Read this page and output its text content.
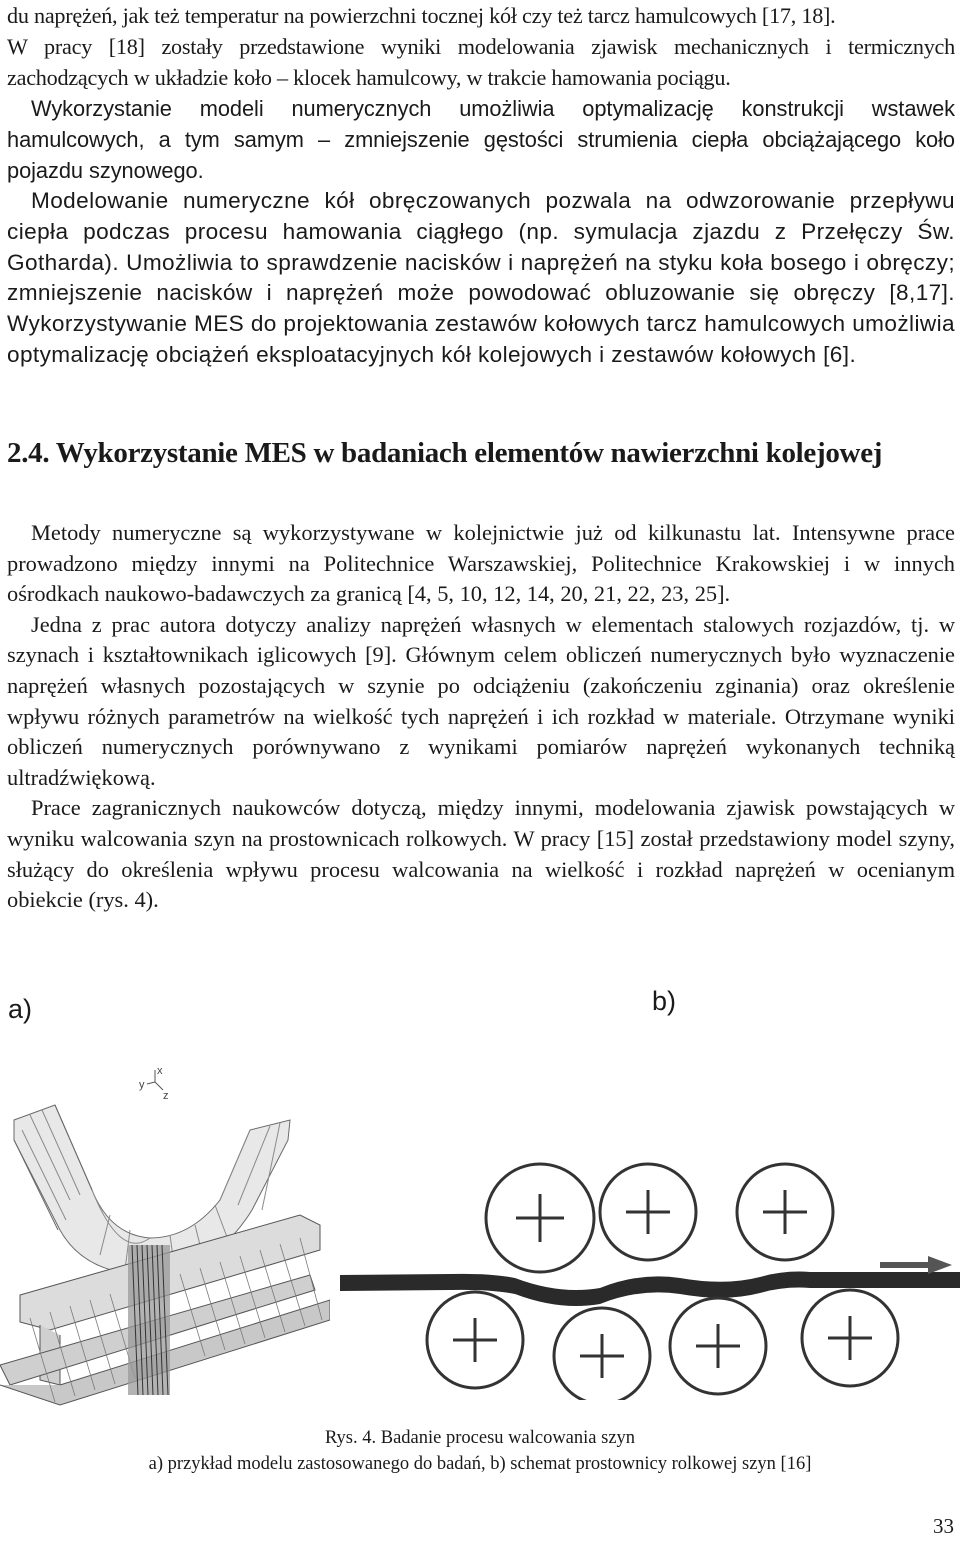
du naprężeń, jak też temperatur na powierzchni tocznej kół czy też tarcz hamulcowych [17, 18].

W pracy [18] zostały przedstawione wyniki modelowania zjawisk mechanicznych i termicznych zachodzących w układzie koło – klocek hamulcowy, w trakcie hamowania pociągu.

Wykorzystanie modeli numerycznych umożliwia optymalizację konstrukcji wstawek hamulcowych, a tym samym – zmniejszenie gęstości strumienia ciepła obciążającego koło pojazdu szynowego.

Modelowanie numeryczne kół obręczowanych pozwala na odwzorowanie przepływu ciepła podczas procesu hamowania ciągłego (np. symulacja zjazdu z Przełęczy Św. Gotharda). Umożliwia to sprawdzenie nacisków i naprężeń na styku koła bosego i obręczy; zmniejszenie nacisków i naprężeń może powodować obluzowanie się obręczy [8,17]. Wykorzystywanie MES do projektowania zestawów kołowych tarcz hamulcowych umożliwia optymalizację obciążeń eksploatacyjnych kół kolejowych i zestawów kołowych [6].

2.4. Wykorzystanie MES w badaniach elementów nawierzchni kolejowej

Metody numeryczne są wykorzystywane w kolejnictwie już od kilkunastu lat. Intensywne prace prowadzono między innymi na Politechnice Warszawskiej, Politechnice Krakowskiej i w innych ośrodkach naukowo-badawczych za granicą [4, 5, 10, 12, 14, 20, 21, 22, 23, 25].

Jedna z prac autora dotyczy analizy naprężeń własnych w elementach stalowych rozjazdów, tj. w szynach i kształtownikach iglicowych [9]. Głównym celem obliczeń numerycznych było wyznaczenie naprężeń własnych pozostających w szynie po odciążeniu (zakończeniu zginania) oraz określenie wpływu różnych parametrów na wielkość tych naprężeń i ich rozkład w materiale. Otrzymane wyniki obliczeń numerycznych porównywano z wynikami pomiarów naprężeń wykonanych techniką ultradźwiękową.

Prace zagranicznych naukowców dotyczą, między innymi, modelowania zjawisk powstających w wyniku walcowania szyn na prostownicach rolkowych. W pracy [15] został przedstawiony model szyny, służący do określenia wpływu procesu walcowania na wielkość i rozkład naprężeń w ocenianym obiekcie (rys. 4).

a)	b)
x
y
z

Rys. 4. Badanie procesu walcowania szyn

a) przykład modelu zastosowanego do badań, b) schemat prostownicy rolkowej szyn [16]

33
